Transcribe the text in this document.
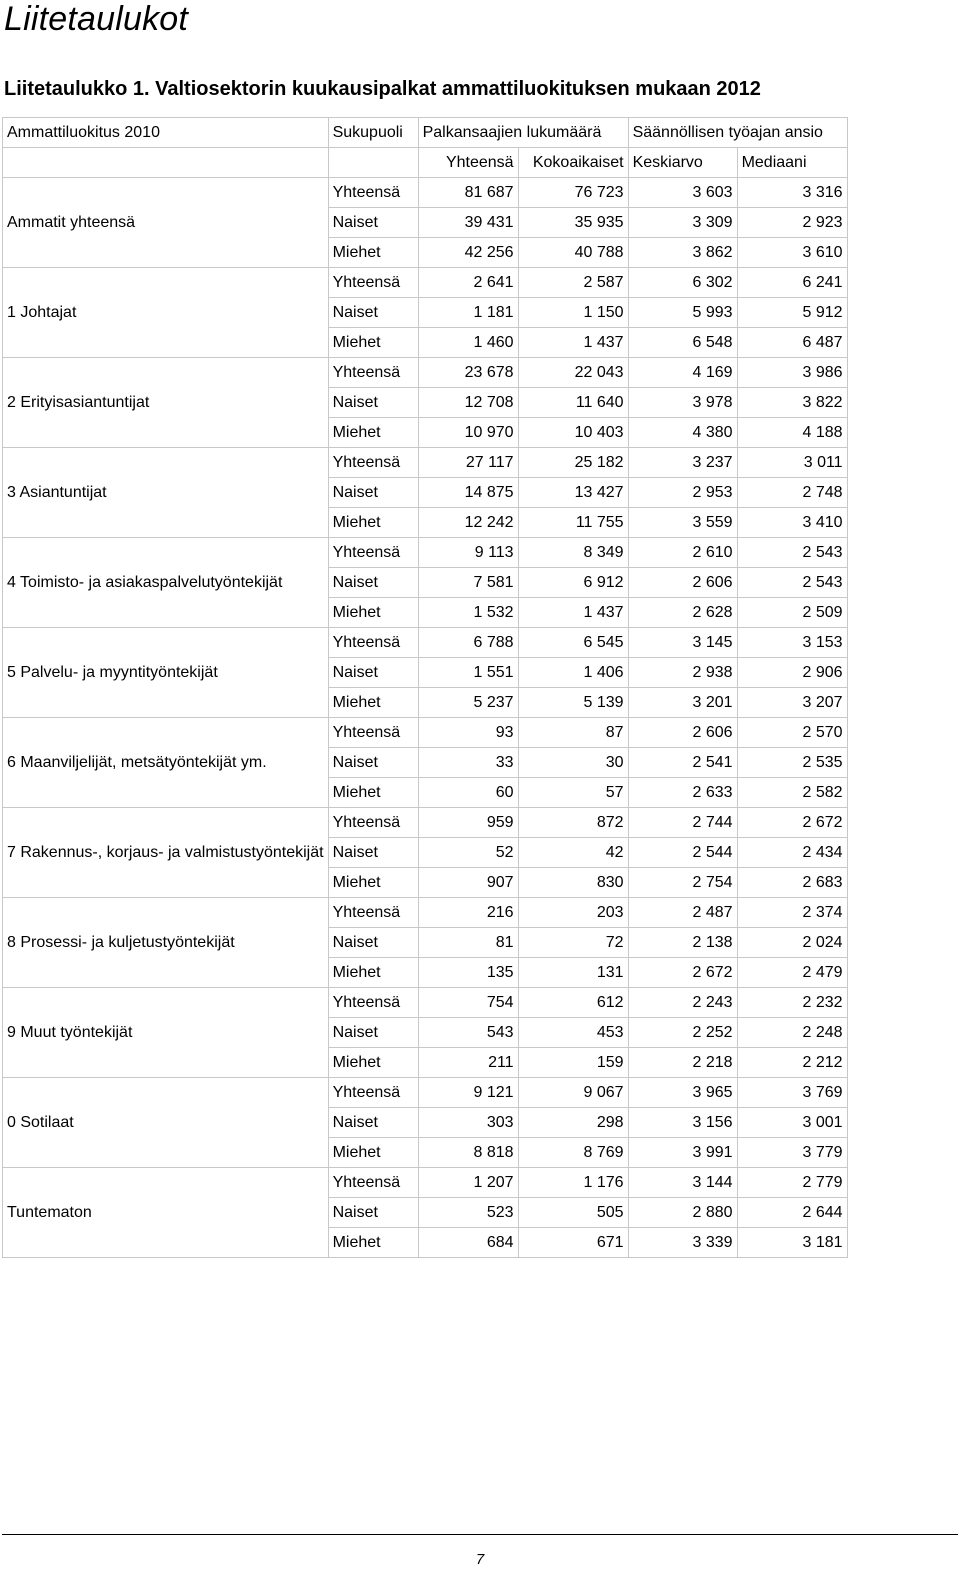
Liitetaulukot
Liitetaulukko 1. Valtiosektorin kuukausipalkat ammattiluokituksen mukaan 2012
Ammattiluokitus 2010	Sukupuoli	Palkansaajien lukumäärä		Säännöllisen työajan ansio	
		Yhteensä	Kokoaikaiset	Keskiarvo	Mediaani
Ammatit yhteensä	Yhteensä	81 687	76 723	3 603	3 316
	Naiset	39 431	35 935	3 309	2 923
	Miehet	42 256	40 788	3 862	3 610
1 Johtajat	Yhteensä	2 641	2 587	6 302	6 241
	Naiset	1 181	1 150	5 993	5 912
	Miehet	1 460	1 437	6 548	6 487
2 Erityisasiantuntijat	Yhteensä	23 678	22 043	4 169	3 986
	Naiset	12 708	11 640	3 978	3 822
	Miehet	10 970	10 403	4 380	4 188
3 Asiantuntijat	Yhteensä	27 117	25 182	3 237	3 011
	Naiset	14 875	13 427	2 953	2 748
	Miehet	12 242	11 755	3 559	3 410
4 Toimisto- ja asiakaspalvelutyöntekijät	Yhteensä	9 113	8 349	2 610	2 543
	Naiset	7 581	6 912	2 606	2 543
	Miehet	1 532	1 437	2 628	2 509
5 Palvelu- ja myyntityöntekijät	Yhteensä	6 788	6 545	3 145	3 153
	Naiset	1 551	1 406	2 938	2 906
	Miehet	5 237	5 139	3 201	3 207
6 Maanviljelijät, metsätyöntekijät ym.	Yhteensä	93	87	2 606	2 570
	Naiset	33	30	2 541	2 535
	Miehet	60	57	2 633	2 582
7 Rakennus-, korjaus- ja valmistustyöntekijät	Yhteensä	959	872	2 744	2 672
	Naiset	52	42	2 544	2 434
	Miehet	907	830	2 754	2 683
8 Prosessi- ja kuljetustyöntekijät	Yhteensä	216	203	2 487	2 374
	Naiset	81	72	2 138	2 024
	Miehet	135	131	2 672	2 479
9 Muut työntekijät	Yhteensä	754	612	2 243	2 232
	Naiset	543	453	2 252	2 248
	Miehet	211	159	2 218	2 212
0 Sotilaat	Yhteensä	9 121	9 067	3 965	3 769
	Naiset	303	298	3 156	3 001
	Miehet	8 818	8 769	3 991	3 779
Tuntematon	Yhteensä	1 207	1 176	3 144	2 779
	Naiset	523	505	2 880	2 644
	Miehet	684	671	3 339	3 181
7
